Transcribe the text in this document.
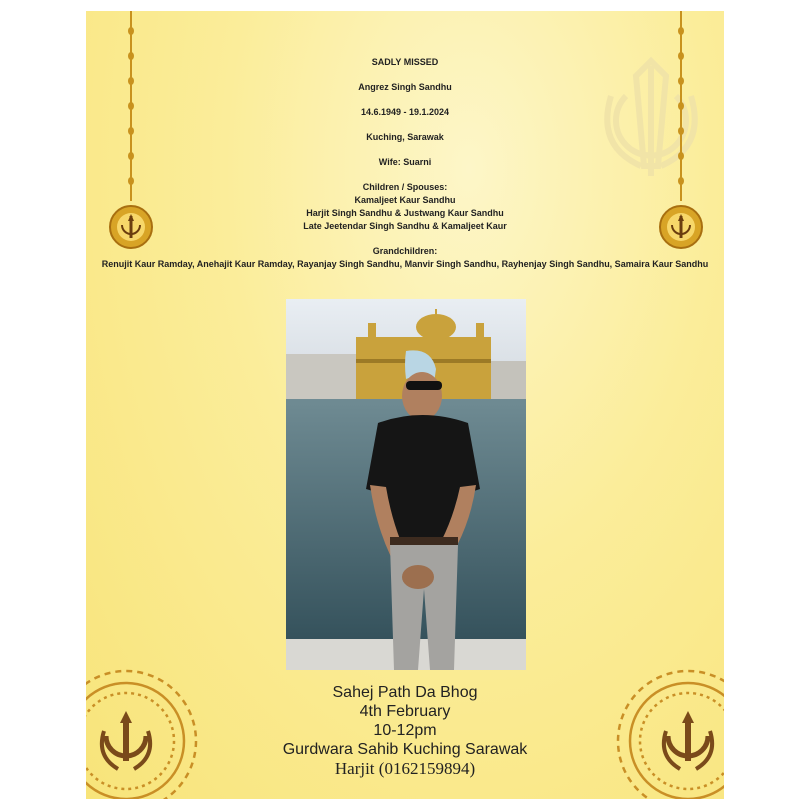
SADLY MISSED
Angrez Singh Sandhu
14.6.1949 - 19.1.2024
Kuching, Sarawak
Wife: Suarni
Children / Spouses:
Kamaljeet Kaur Sandhu
Harjit Singh Sandhu & Justwang Kaur Sandhu
Late Jeetendar Singh Sandhu & Kamaljeet Kaur
Grandchildren:
Renujit Kaur Ramday, Anehajit Kaur Ramday, Rayanjay Singh Sandhu, Manvir Singh Sandhu, Rayhenjay Singh Sandhu, Samaira Kaur Sandhu
Sahej Path Da Bhog
4th February
10-12pm
Gurdwara Sahib Kuching Sarawak
Harjit (0162159894)
